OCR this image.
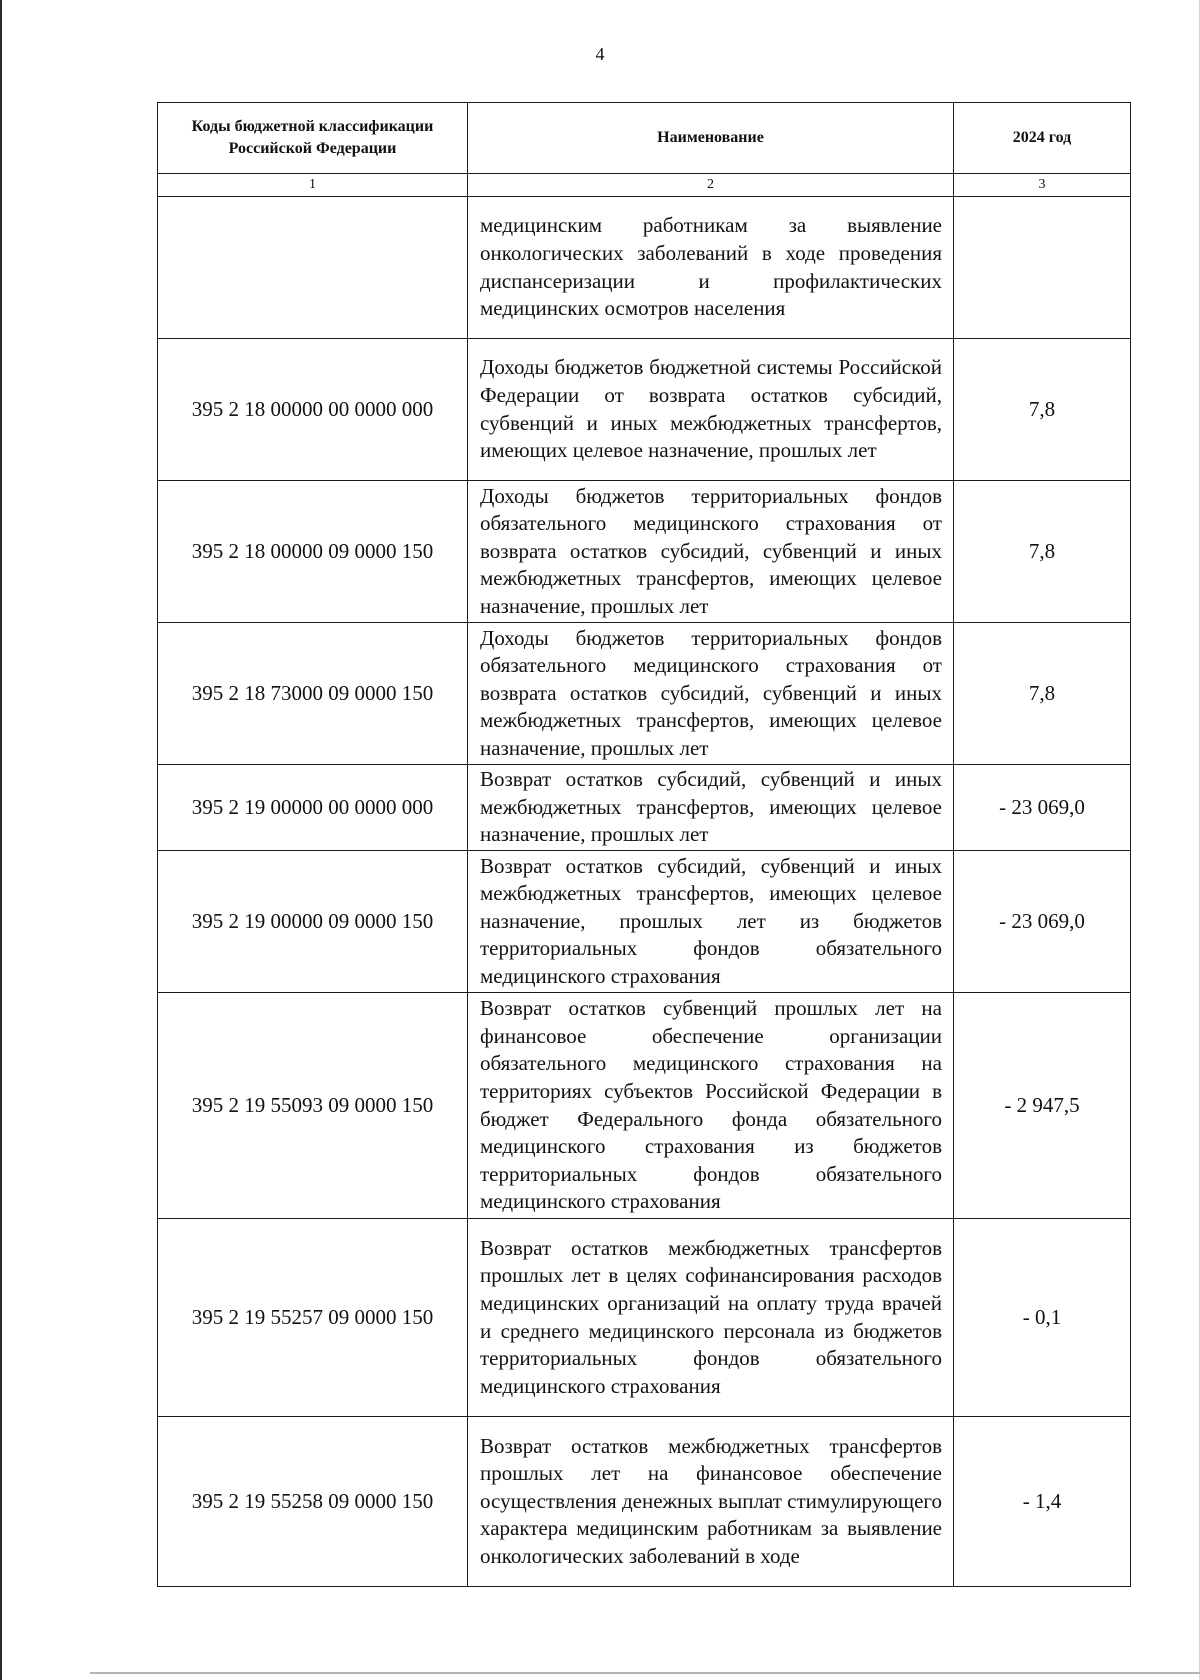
4
Коды бюджетной классификации Российской Федерации	Наименование	2024 год
1	2	3
	медицинским работникам за выявление онкологических заболеваний в ходе проведения диспансеризации и профилактических медицинских осмотров населения	
395 2 18 00000 00 0000 000	Доходы бюджетов бюджетной системы Российской Федерации от возврата остатков субсидий, субвенций и иных межбюджетных трансфертов, имеющих целевое назначение, прошлых лет	7,8
395 2 18 00000 09 0000 150	Доходы бюджетов территориальных фондов обязательного медицинского страхования от возврата остатков субсидий, субвенций и иных межбюджетных трансфертов, имеющих целевое назначение, прошлых лет	7,8
395 2 18 73000 09 0000 150	Доходы бюджетов территориальных фондов обязательного медицинского страхования от возврата остатков субсидий, субвенций и иных межбюджетных трансфертов, имеющих целевое назначение, прошлых лет	7,8
395 2 19 00000 00 0000 000	Возврат остатков субсидий, субвенций и иных межбюджетных трансфертов, имеющих целевое назначение, прошлых лет	- 23 069,0
395 2 19 00000 09 0000 150	Возврат остатков субсидий, субвенций и иных межбюджетных трансфертов, имеющих целевое назначение, прошлых лет из бюджетов территориальных фондов обязательного медицинского страхования	- 23 069,0
395 2 19 55093 09 0000 150	Возврат остатков субвенций прошлых лет на финансовое обеспечение организации обязательного медицинского страхования на территориях субъектов Российской Федерации в бюджет Федерального фонда обязательного медицинского страхования из бюджетов территориальных фондов обязательного медицинского страхования	- 2 947,5
395 2 19 55257 09 0000 150	Возврат остатков межбюджетных трансфертов прошлых лет в целях софинансирования расходов медицинских организаций на оплату труда врачей и среднего медицинского персонала из бюджетов территориальных фондов обязательного медицинского страхования	- 0,1
395 2 19 55258 09 0000 150	Возврат остатков межбюджетных трансфертов прошлых лет на финансовое обеспечение осуществления денежных выплат стимулирующего характера медицинским работникам за выявление онкологических заболеваний в ходе	- 1,4
